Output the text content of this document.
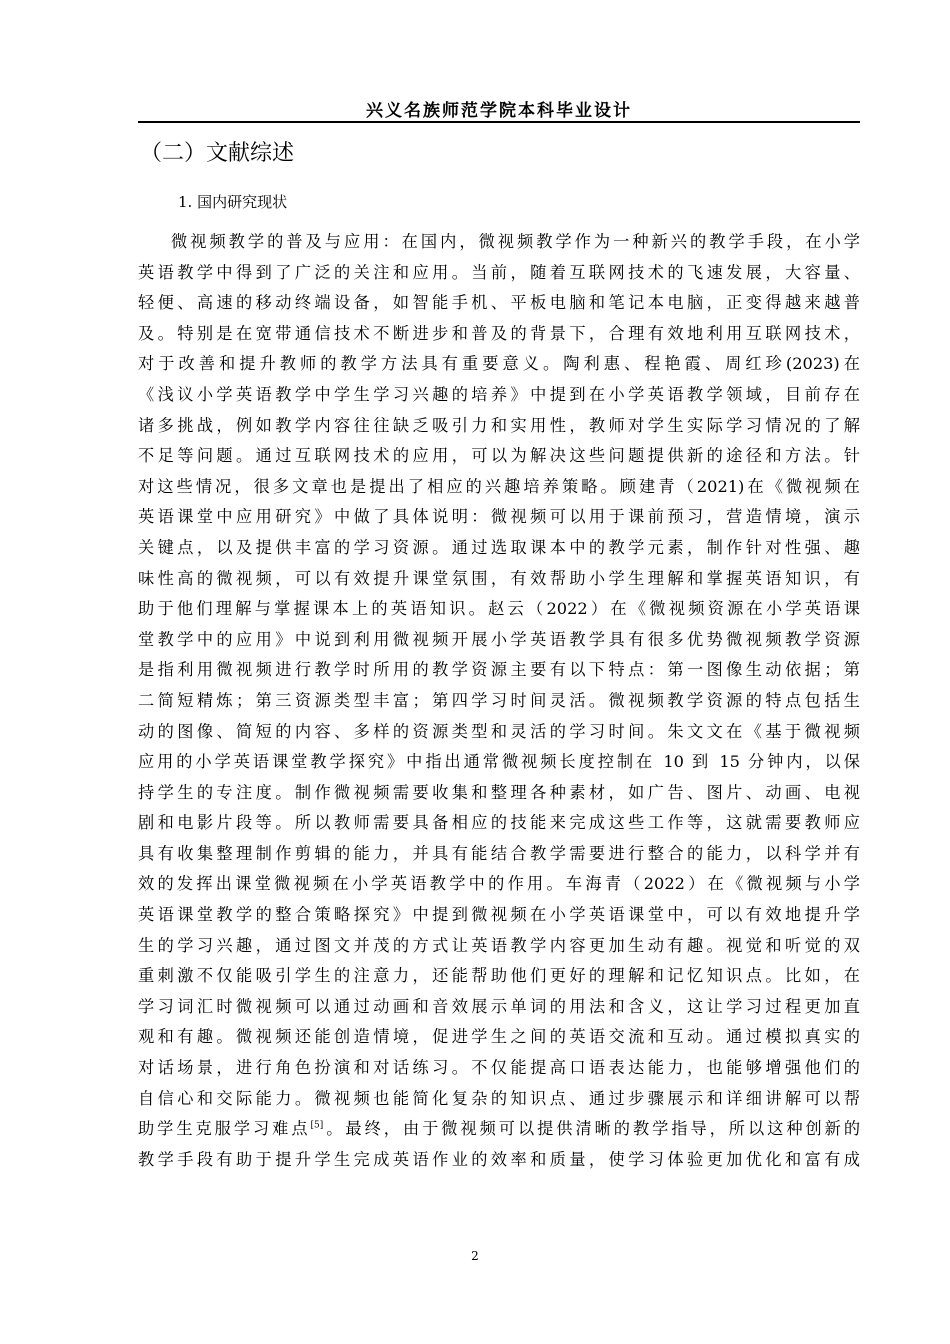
兴义名族师范学院本科毕业设计
（二）文献综述
1. 国内研究现状
微视频教学的普及与应用：在国内，微视频教学作为一种新兴的教学手段，在小学
英语教学中得到了广泛的关注和应用。当前，随着互联网技术的飞速发展，大容量、
轻便、高速的移动终端设备，如智能手机、平板电脑和笔记本电脑，正变得越来越普
及。特别是在宽带通信技术不断进步和普及的背景下，合理有效地利用互联网技术，
对于改善和提升教师的教学方法具有重要意义。陶利惠、程艳霞、周红珍(2023)在
《浅议小学英语教学中学生学习兴趣的培养》中提到在小学英语教学领域，目前存在
诸多挑战，例如教学内容往往缺乏吸引力和实用性，教师对学生实际学习情况的了解
不足等问题。通过互联网技术的应用，可以为解决这些问题提供新的途径和方法。针
对这些情况，很多文章也是提出了相应的兴趣培养策略。顾建青（2021)在《微视频在
英语课堂中应用研究》中做了具体说明：微视频可以用于课前预习，营造情境，演示
关键点，以及提供丰富的学习资源。通过选取课本中的教学元素，制作针对性强、趣
味性高的微视频，可以有效提升课堂氛围，有效帮助小学生理解和掌握英语知识，有
助于他们理解与掌握课本上的英语知识。赵云（2022）在《微视频资源在小学英语课
堂教学中的应用》中说到利用微视频开展小学英语教学具有很多优势微视频教学资源
是指利用微视频进行教学时所用的教学资源主要有以下特点：第一图像生动依据；第
二简短精炼；第三资源类型丰富；第四学习时间灵活。微视频教学资源的特点包括生
动的图像、简短的内容、多样的资源类型和灵活的学习时间。朱文文在《基于微视频
应用的小学英语课堂教学探究》中指出通常微视频长度控制在 10 到 15 分钟内，以保
持学生的专注度。制作微视频需要收集和整理各种素材，如广告、图片、动画、电视
剧和电影片段等。所以教师需要具备相应的技能来完成这些工作等，这就需要教师应
具有收集整理制作剪辑的能力，并具有能结合教学需要进行整合的能力，以科学并有
效的发挥出课堂微视频在小学英语教学中的作用。车海青（2022）在《微视频与小学
英语课堂教学的整合策略探究》中提到微视频在小学英语课堂中，可以有效地提升学
生的学习兴趣，通过图文并茂的方式让英语教学内容更加生动有趣。视觉和听觉的双
重刺激不仅能吸引学生的注意力，还能帮助他们更好的理解和记忆知识点。比如，在
学习词汇时微视频可以通过动画和音效展示单词的用法和含义，这让学习过程更加直
观和有趣。微视频还能创造情境，促进学生之间的英语交流和互动。通过模拟真实的
对话场景，进行角色扮演和对话练习。不仅能提高口语表达能力，也能够增强他们的
自信心和交际能力。微视频也能简化复杂的知识点、通过步骤展示和详细讲解可以帮
助学生克服学习难点[5]。最终，由于微视频可以提供清晰的教学指导，所以这种创新的
教学手段有助于提升学生完成英语作业的效率和质量，使学习体验更加优化和富有成
2
